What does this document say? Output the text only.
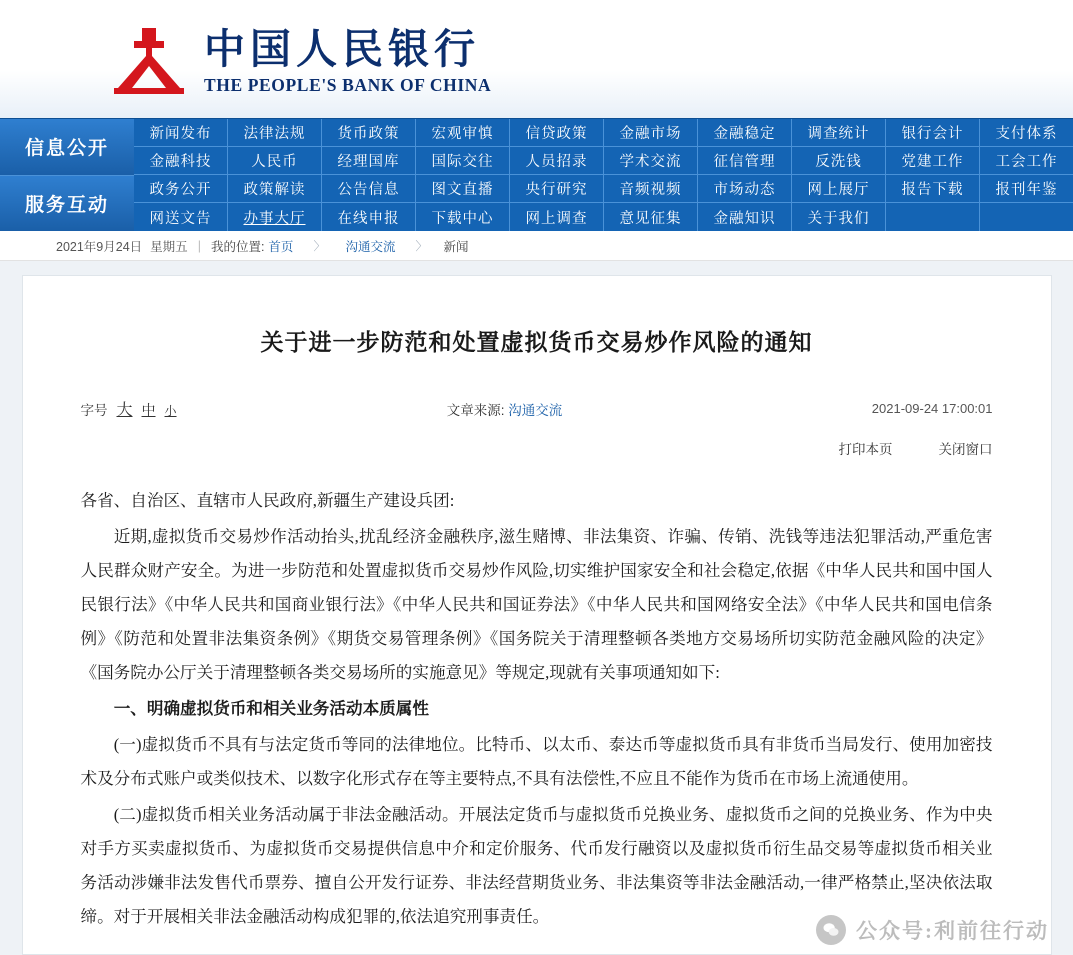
中国人民银行
THE PEOPLE'S BANK OF CHINA
信息公开
服务互动
新闻发布	法律法规	货币政策	宏观审慎	信贷政策	金融市场	金融稳定	调查统计	银行会计	支付体系
金融科技	人民币	经理国库	国际交往	人员招录	学术交流	征信管理	反洗钱	党建工作	工会工作
政务公开	政策解读	公告信息	图文直播	央行研究	音频视频	市场动态	网上展厅	报告下载	报刊年鉴
网送文告	办事大厅	在线申报	下载中心	网上调查	意见征集	金融知识	关于我们
2021年9月24日 星期五 | 我的位置: 首页 〉 沟通交流 〉 新闻
关于进一步防范和处置虚拟货币交易炒作风险的通知
字号 大 中 小	文章来源: 沟通交流	2021-09-24 17:00:01
打印本页	关闭窗口

各省、自治区、直辖市人民政府,新疆生产建设兵团:

近期,虚拟货币交易炒作活动抬头,扰乱经济金融秩序,滋生赌博、非法集资、诈骗、传销、洗钱等违法犯罪活动,严重危害人民群众财产安全。为进一步防范和处置虚拟货币交易炒作风险,切实维护国家安全和社会稳定,依据《中华人民共和国中国人民银行法》《中华人民共和国商业银行法》《中华人民共和国证券法》《中华人民共和国网络安全法》《中华人民共和国电信条例》《防范和处置非法集资条例》《期货交易管理条例》《国务院关于清理整顿各类地方交易场所切实防范金融风险的决定》《国务院办公厅关于清理整顿各类交易场所的实施意见》等规定,现就有关事项通知如下:

一、明确虚拟货币和相关业务活动本质属性

(一)虚拟货币不具有与法定货币等同的法律地位。比特币、以太币、泰达币等虚拟货币具有非货币当局发行、使用加密技术及分布式账户或类似技术、以数字化形式存在等主要特点,不具有法偿性,不应且不能作为货币在市场上流通使用。

(二)虚拟货币相关业务活动属于非法金融活动。开展法定货币与虚拟货币兑换业务、虚拟货币之间的兑换业务、作为中央对手方买卖虚拟货币、为虚拟货币交易提供信息中介和定价服务、代币发行融资以及虚拟货币衍生品交易等虚拟货币相关业务活动涉嫌非法发售代币票券、擅自公开发行证券、非法经营期货业务、非法集资等非法金融活动,一律严格禁止,坚决依法取缔。对于开展相关非法金融活动构成犯罪的,依法追究刑事责任。

公众号:利前往行动
